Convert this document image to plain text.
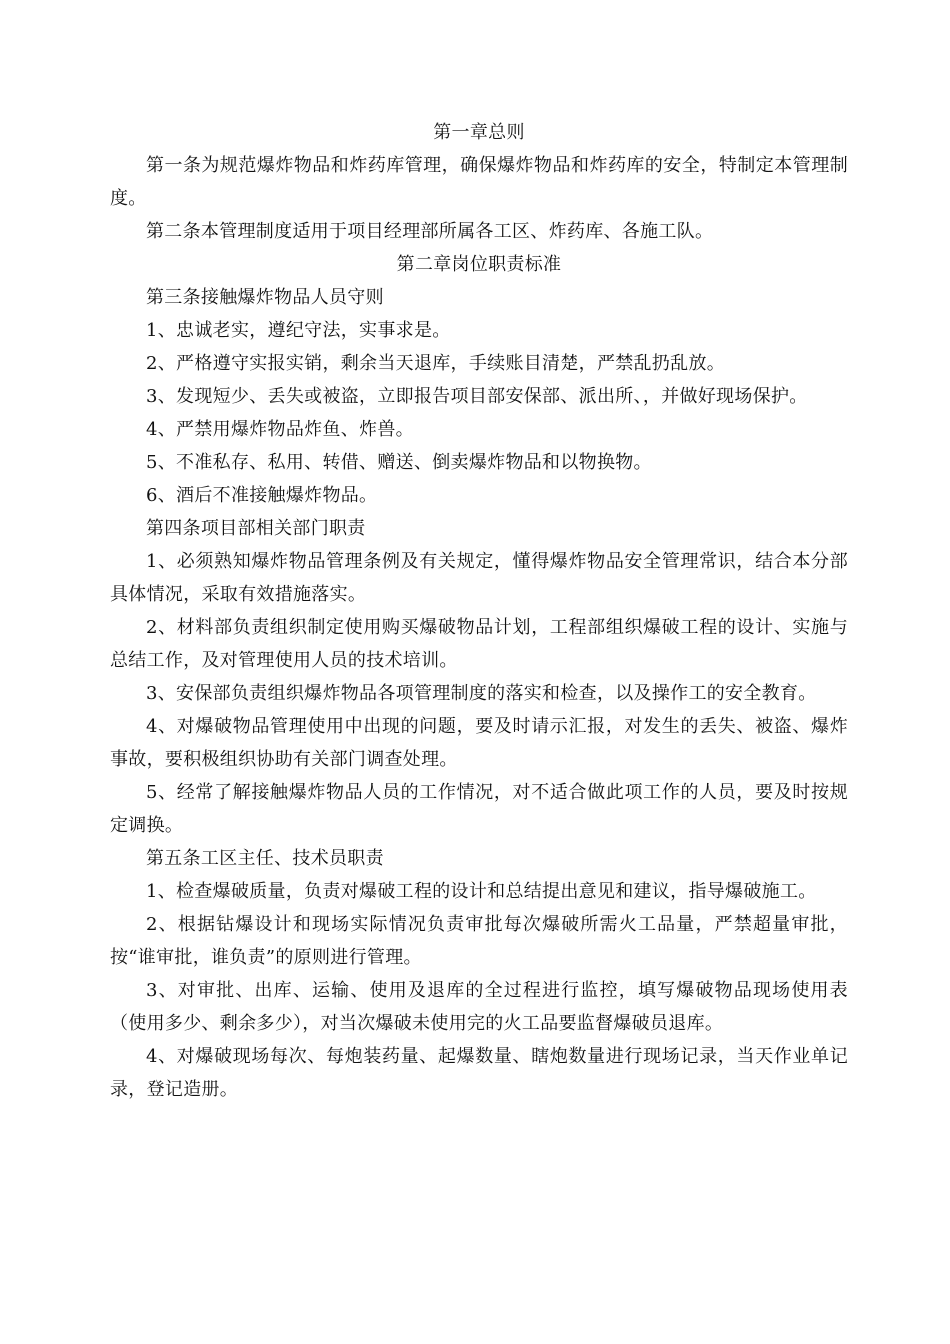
第一章总则

第一条为规范爆炸物品和炸药库管理，确保爆炸物品和炸药库的安全，特制定本管理制度。

第二条本管理制度适用于项目经理部所属各工区、炸药库、各施工队。

第二章岗位职责标准

第三条接触爆炸物品人员守则

1、忠诚老实，遵纪守法，实事求是。

2、严格遵守实报实销，剩余当天退库，手续账目清楚，严禁乱扔乱放。

3、发现短少、丢失或被盗，立即报告项目部安保部、派出所、，并做好现场保护。

4、严禁用爆炸物品炸鱼、炸兽。

5、不准私存、私用、转借、赠送、倒卖爆炸物品和以物换物。

6、酒后不准接触爆炸物品。

第四条项目部相关部门职责

1、必须熟知爆炸物品管理条例及有关规定，懂得爆炸物品安全管理常识，结合本分部具体情况，采取有效措施落实。

2、材料部负责组织制定使用购买爆破物品计划，工程部组织爆破工程的设计、实施与总结工作，及对管理使用人员的技术培训。

3、安保部负责组织爆炸物品各项管理制度的落实和检查，以及操作工的安全教育。

4、对爆破物品管理使用中出现的问题，要及时请示汇报，对发生的丢失、被盗、爆炸事故，要积极组织协助有关部门调查处理。

5、经常了解接触爆炸物品人员的工作情况，对不适合做此项工作的人员，要及时按规定调换。

第五条工区主任、技术员职责

1、检查爆破质量，负责对爆破工程的设计和总结提出意见和建议，指导爆破施工。

2、根据钻爆设计和现场实际情况负责审批每次爆破所需火工品量，严禁超量审批，按“谁审批，谁负责”的原则进行管理。

3、对审批、出库、运输、使用及退库的全过程进行监控，填写爆破物品现场使用表（使用多少、剩余多少），对当次爆破未使用完的火工品要监督爆破员退库。

4、对爆破现场每次、每炮装药量、起爆数量、瞎炮数量进行现场记录，当天作业单记录，登记造册。
